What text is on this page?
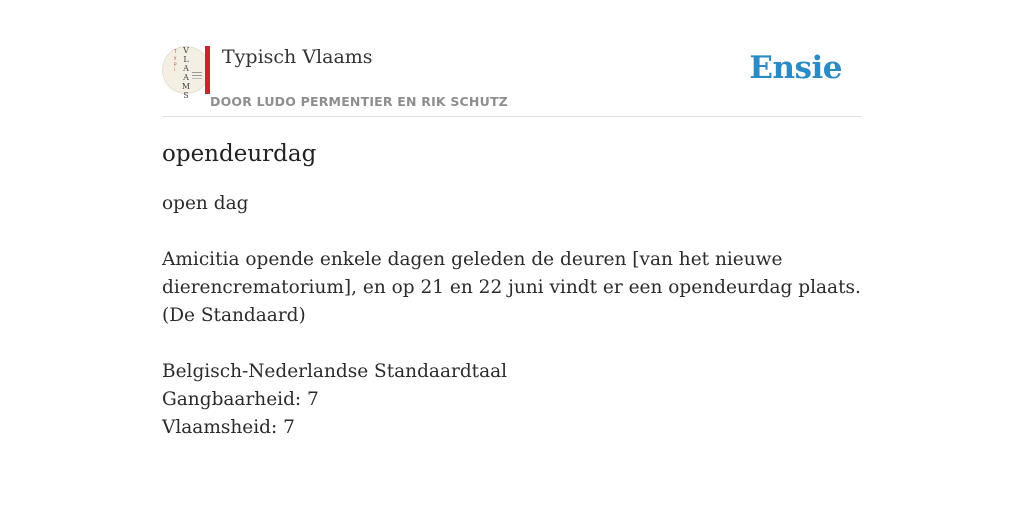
T
y
p
i
V
L
A
A
M
S
Typisch Vlaams
DOOR LUDO PERMENTIER EN RIK SCHUTZ
Ensie
opendeurdag

open dag

Amicitia opende enkele dagen geleden de deuren [van het nieuwe

dierencrematorium], en op 21 en 22 juni vindt er een opendeurdag plaats.

(De Standaard)

Belgisch-Nederlandse Standaardtaal

Gangbaarheid: 7

Vlaamsheid: 7
